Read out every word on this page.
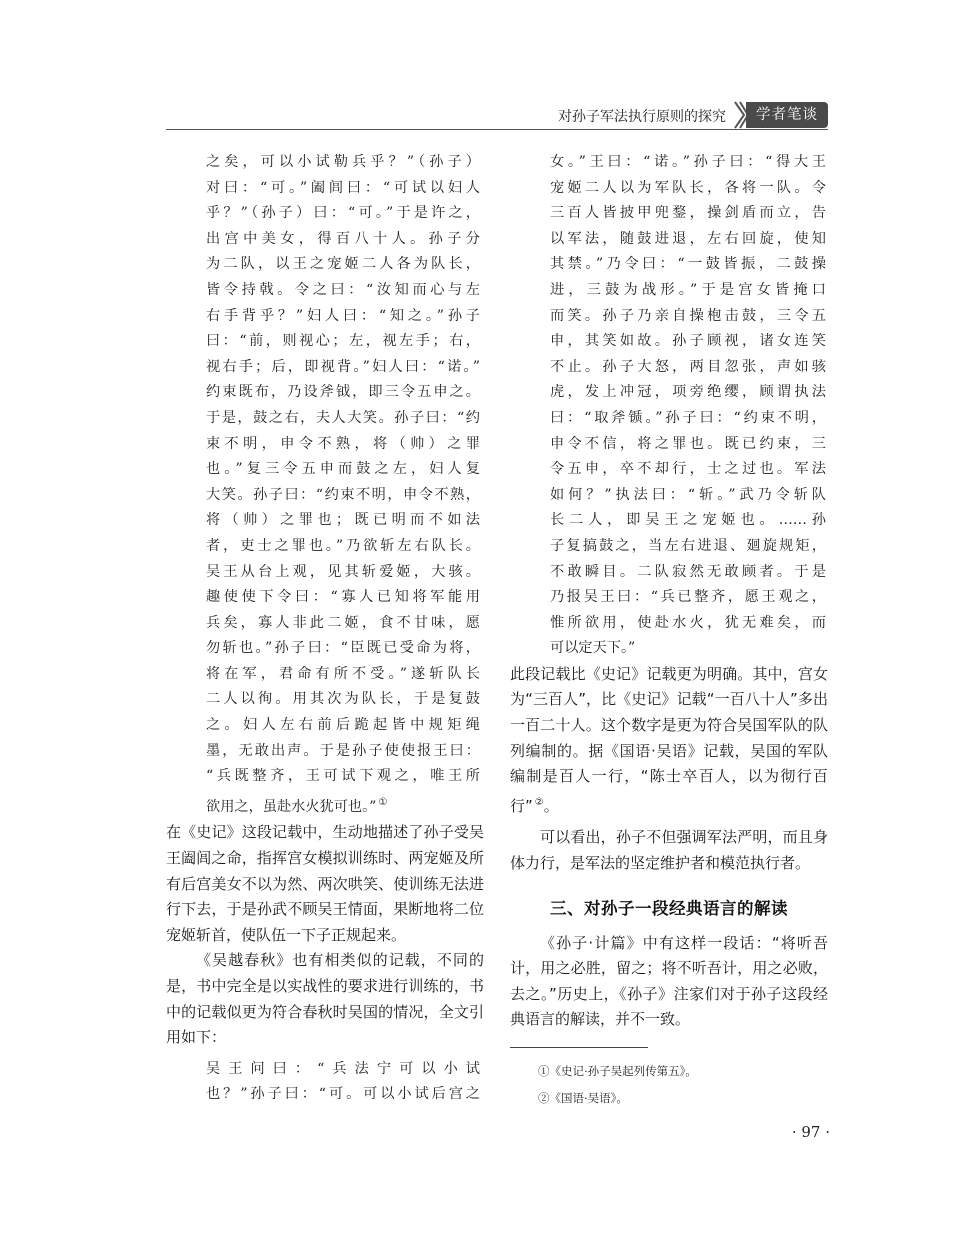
对孙子军法执行原则的探究	学者笔谈
之矣，可以小试勒兵乎？”（孙子）
对曰：“可。”阖闾曰：“可试以妇人
乎？”（孙子）曰：“可。”于是许之，
出宫中美女，得百八十人。孙子分
为二队，以王之宠姬二人各为队长，
皆令持戟。令之曰：“汝知而心与左
右手背乎？”妇人曰：“知之。”孙子
曰：“前，则视心；左，视左手；右，
视右手；后，即视背。”妇人曰：“诺。”
约束既布，乃设斧钺，即三令五申之。
于是，鼓之右，夫人大笑。孙子曰：“约
束不明，申令不熟，将（帅）之罪
也。”复三令五申而鼓之左，妇人复
大笑。孙子曰：“约束不明，申令不熟，
将（帅）之罪也；既已明而不如法
者，吏士之罪也。”乃欲斩左右队长。
吴王从台上观，见其斩爱姬，大骇。
趣使使下令曰：“寡人已知将军能用
兵矣，寡人非此二姬，食不甘味，愿
勿斩也。”孙子曰：“臣既已受命为将，
将在军，君命有所不受。”遂斩队长
二人以徇。用其次为队长，于是复鼓
之。妇人左右前后跪起皆中规矩绳
墨，无敢出声。于是孙子使使报王曰：
“兵既整齐，王可试下观之，唯王所
欲用之，虽赴水火犹可也。” ①

在《史记》这段记载中，生动地描述了孙子受吴王阖闾之命，指挥宫女模拟训练时、两宠姬及所有后宫美女不以为然、两次哄笑、使训练无法进行下去，于是孙武不顾吴王情面，果断地将二位宠姬斩首，使队伍一下子正规起来。

《吴越春秋》也有相类似的记载，不同的是，书中完全是以实战性的要求进行训练的，书中的记载似更为符合春秋时吴国的情况，全文引用如下：

吴王问曰：“兵法宁可以小试
也？”孙子曰：“可。可以小试后宫之
女。”王曰：“诺。”孙子曰：“得大王
宠姬二人以为军队长，各将一队。令
三百人皆披甲兜鍪，操剑盾而立，告
以军法，随鼓进退，左右回旋，使知
其禁。”乃令曰：“一鼓皆振，二鼓操
进，三鼓为战形。”于是宫女皆掩口
而笑。孙子乃亲自操枹击鼓，三令五
申，其笑如故。孙子顾视，诸女连笑
不止。孙子大怒，两目忽张，声如骇
虎，发上冲冠，项旁绝缨，顾谓执法
曰：“取斧锧。”孙子曰：“约束不明，
申令不信，将之罪也。既已约束，三
令五申，卒不却行，士之过也。军法
如何？”执法曰：“斩。”武乃令斩队
长二人，即吴王之宠姬也。……孙
子复搞鼓之，当左右进退、廻旋规矩，
不敢瞬目。二队寂然无敢顾者。于是
乃报吴王曰：“兵已整齐，愿王观之，
惟所欲用，使赴水火，犹无难矣，而
可以定天下。”

此段记载比《史记》记载更为明确。其中，宫女为“三百人”，比《史记》记载“一百八十人”多出一百二十人。这个数字是更为符合吴国军队的队列编制的。据《国语·吴语》记载，吴国的军队编制是百人一行，“陈士卒百人，以为彻行百行” ②。

可以看出，孙子不但强调军法严明，而且身体力行，是军法的坚定维护者和模范执行者。

三、对孙子一段经典语言的解读

《孙子·计篇》中有这样一段话：“将听吾计，用之必胜，留之；将不听吾计，用之必败，去之。”历史上，《孙子》注家们对于孙子这段经典语言的解读，并不一致。

①《史记·孙子吴起列传第五》。

②《国语·吴语》。

· 97 ·
